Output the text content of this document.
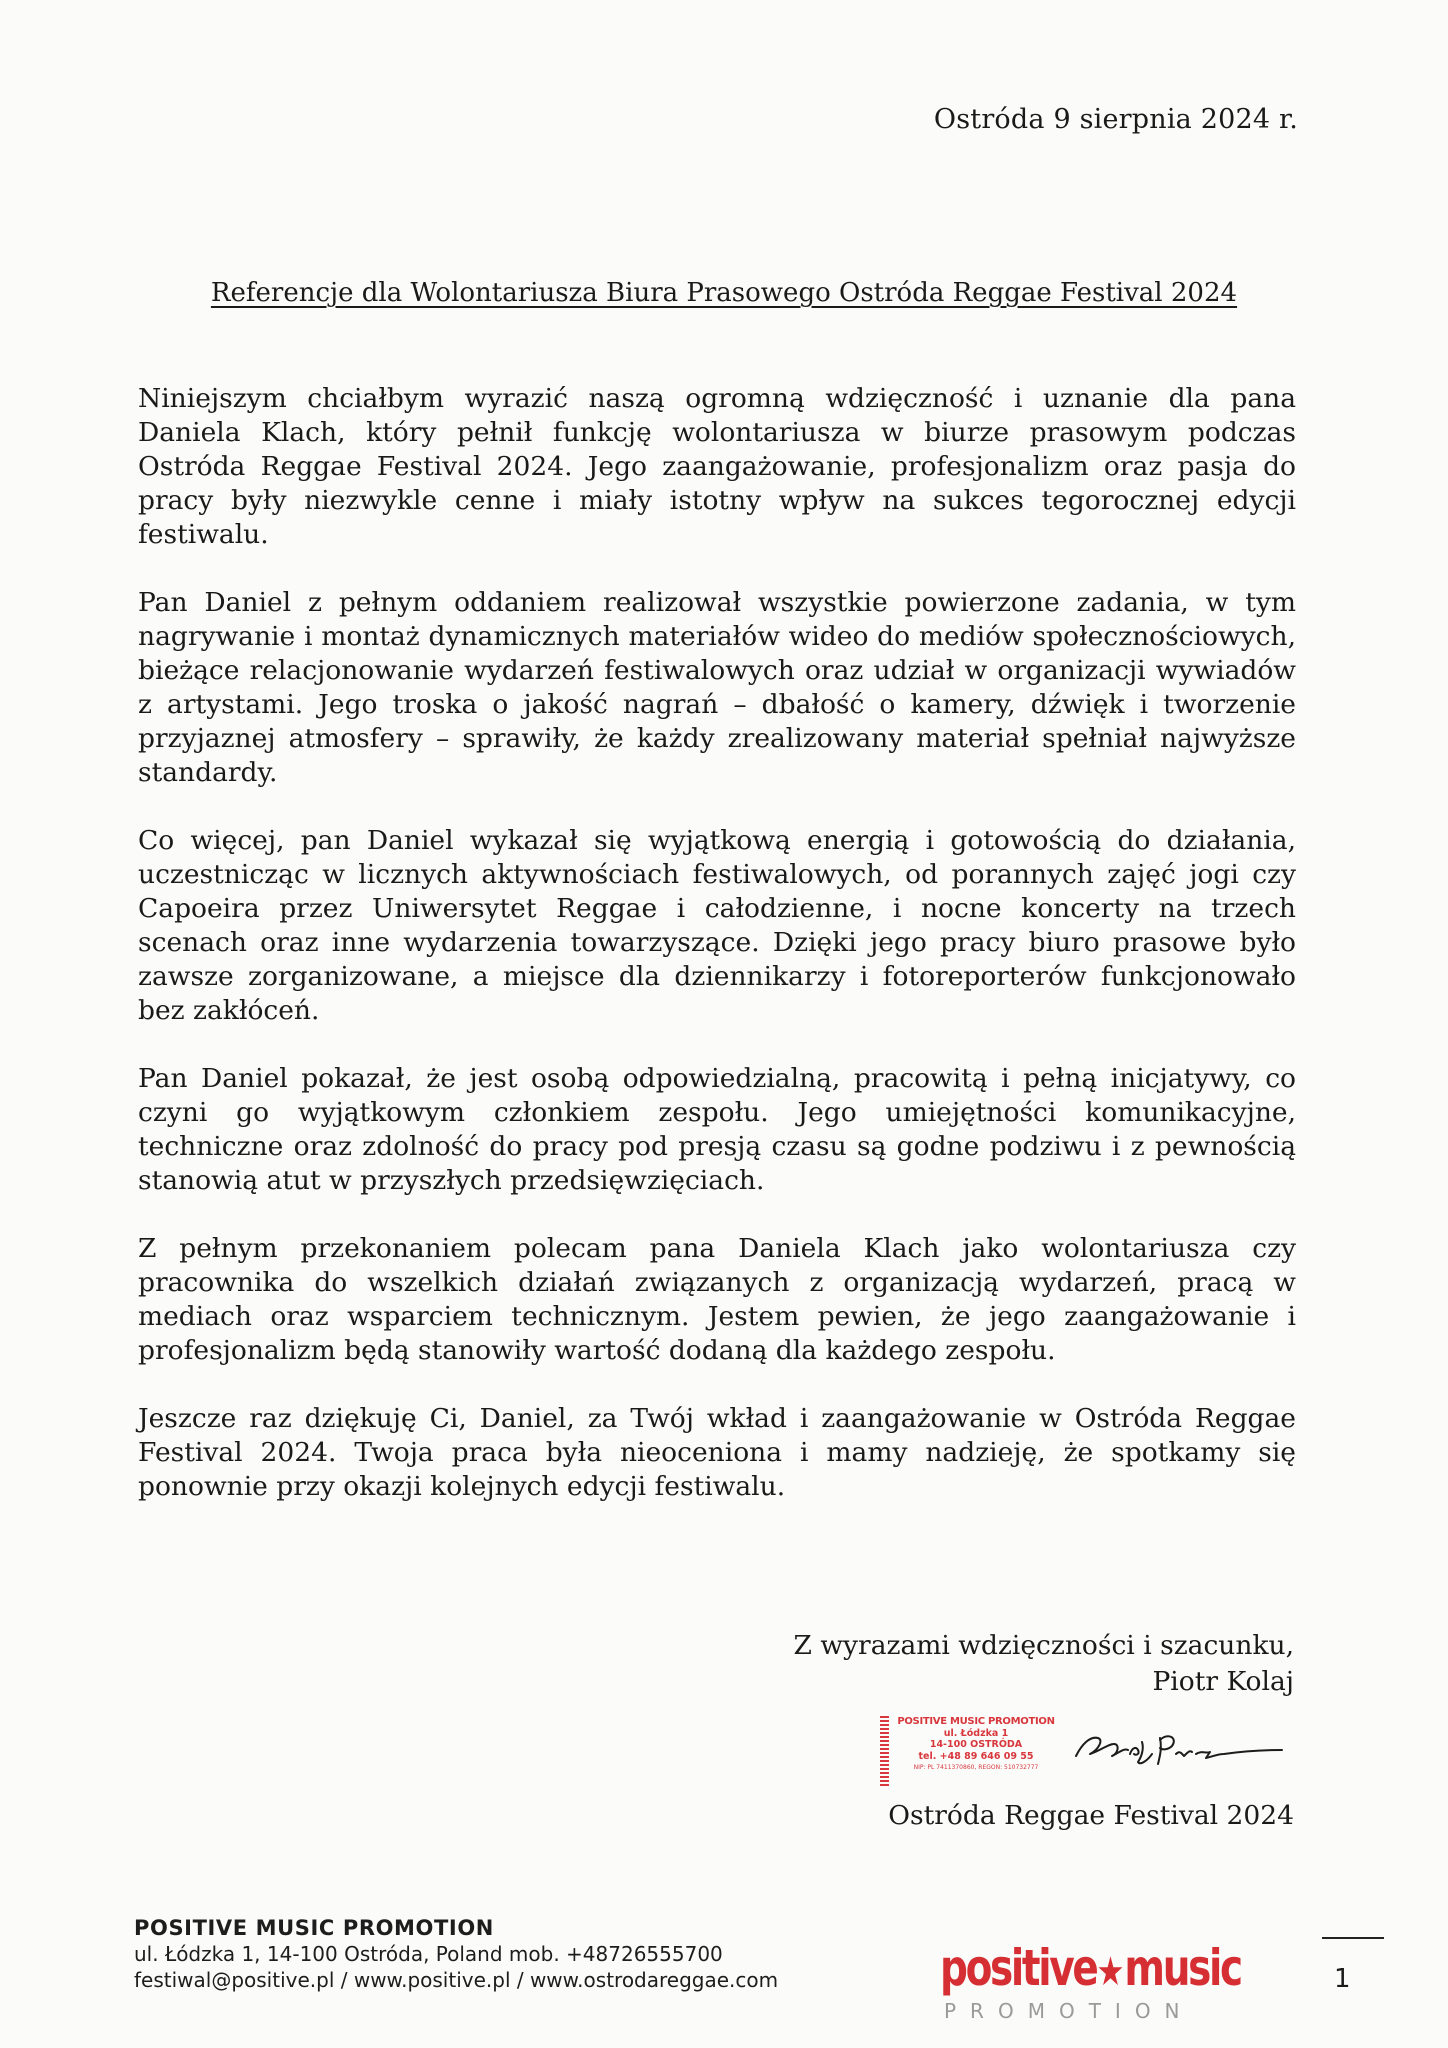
Ostróda 9 sierpnia 2024 r.
Referencje dla Wolontariusza Biura Prasowego Ostróda Reggae Festival 2024

Niniejszym chciałbym wyrazić naszą ogromną wdzięczność i uznanie dla pana Daniela Klach, który pełnił funkcję wolontariusza w biurze prasowym podczas Ostróda Reggae Festival 2024. Jego zaangażowanie, profesjonalizm oraz pasja do pracy były niezwykle cenne i miały istotny wpływ na sukces tegorocznej edycji festiwalu.

Pan Daniel z pełnym oddaniem realizował wszystkie powierzone zadania, w tym nagrywanie i montaż dynamicznych materiałów wideo do mediów społecznościowych, bieżące relacjonowanie wydarzeń festiwalowych oraz udział w organizacji wywiadów z artystami. Jego troska o jakość nagrań – dbałość o kamery, dźwięk i tworzenie przyjaznej atmosfery – sprawiły, że każdy zrealizowany materiał spełniał najwyższe standardy.

Co więcej, pan Daniel wykazał się wyjątkową energią i gotowością do działania, uczestnicząc w licznych aktywnościach festiwalowych, od porannych zajęć jogi czy Capoeira przez Uniwersytet Reggae i całodzienne, i nocne koncerty na trzech scenach oraz inne wydarzenia towarzyszące. Dzięki jego pracy biuro prasowe było zawsze zorganizowane, a miejsce dla dziennikarzy i fotoreporterów funkcjonowało bez zakłóceń.

Pan Daniel pokazał, że jest osobą odpowiedzialną, pracowitą i pełną inicjatywy, co czyni go wyjątkowym członkiem zespołu. Jego umiejętności komunikacyjne, techniczne oraz zdolność do pracy pod presją czasu są godne podziwu i z pewnością stanowią atut w przyszłych przedsięwzięciach.

Z pełnym przekonaniem polecam pana Daniela Klach jako wolontariusza czy pracownika do wszelkich działań związanych z organizacją wydarzeń, pracą w mediach oraz wsparciem technicznym. Jestem pewien, że jego zaangażowanie i profesjonalizm będą stanowiły wartość dodaną dla każdego zespołu.

Jeszcze raz dziękuję Ci, Daniel, za Twój wkład i zaangażowanie w Ostróda Reggae Festival 2024. Twoja praca była nieoceniona i mamy nadzieję, że spotkamy się ponownie przy okazji kolejnych edycji festiwalu.

Z wyrazami wdzięczności i szacunku,
Piotr Kolaj
POSITIVE MUSIC PROMOTION
ul. Łódzka 1
14-100 OSTRÓDA
tel. +48 89 646 09 55
NIP: PL 7411370860, REGON: 510732777
Ostróda Reggae Festival 2024
POSITIVE MUSIC PROMOTION
ul. Łódzka 1, 14-100 Ostróda, Poland mob. +48726555700
festiwal@positive.pl / www.positive.pl / www.ostrodareggae.com	positive★music
PROMOTION
1
